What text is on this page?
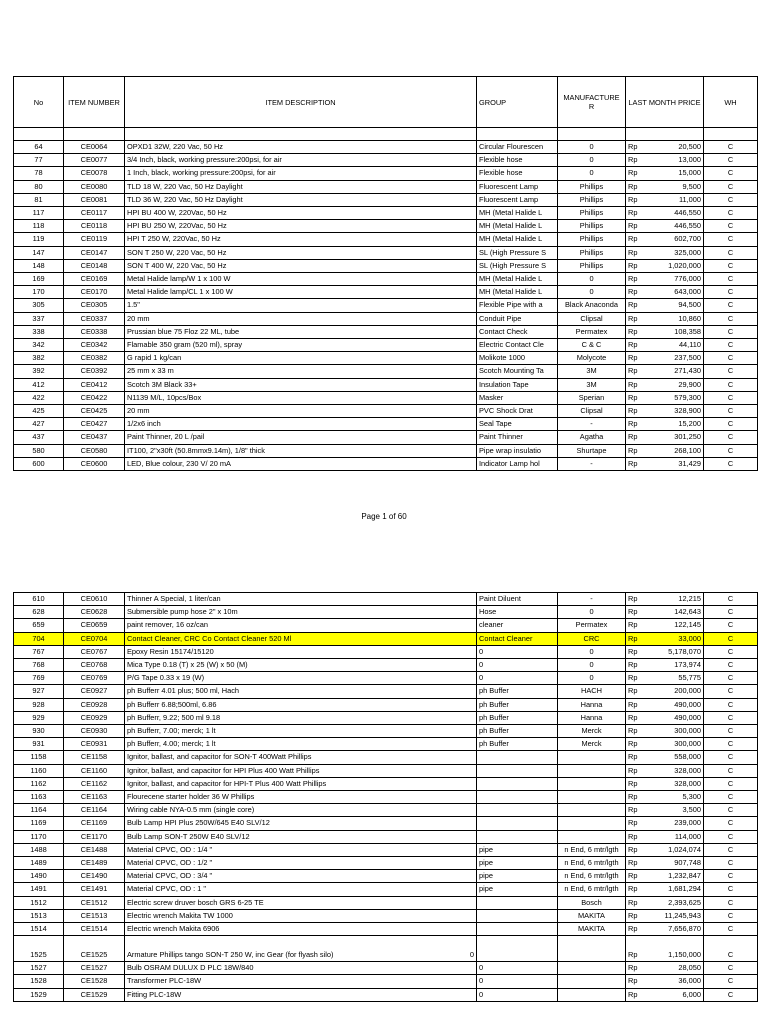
No	ITEM NUMBER	ITEM DESCRIPTION	GROUP	MANUFACTURE R	LAST MONTH PRICE	WH

64	CE0064	OPXD1 32W, 220 Vac, 50 Hz	Circular Flourescen	0	Rp 20,500	C
77	CE0077	3/4 Inch, black, working pressure:200psi, for air	Flexible hose	0	Rp 13,000	C
78	CE0078	1 Inch, black, working pressure:200psi, for air	Flexible hose	0	Rp 15,000	C
80	CE0080	TLD 18 W, 220 Vac, 50 Hz Daylight	Fluorescent Lamp	Phillips	Rp 9,500	C
81	CE0081	TLD 36 W, 220 Vac, 50 Hz Daylight	Fluorescent Lamp	Phillips	Rp 11,000	C
117	CE0117	HPI BU 400 W, 220Vac, 50 Hz	MH (Metal Halide L	Phillips	Rp 446,550	C
118	CE0118	HPI BU 250 W, 220Vac, 50 Hz	MH (Metal Halide L	Phillips	Rp 446,550	C
119	CE0119	HPI T 250 W, 220Vac, 50 Hz	MH (Metal Halide L	Phillips	Rp 602,700	C
147	CE0147	SON T 250 W, 220 Vac, 50 Hz	SL (High Pressure S	Phillips	Rp 325,000	C
148	CE0148	SON T 400 W, 220 Vac, 50 Hz	SL (High Pressure S	Phillips	Rp 1,020,000	C
169	CE0169	Metal Halide lamp/W 1 x 100 W	MH (Metal Halide L	0	Rp 776,000	C
170	CE0170	Metal Halide lamp/CL 1 x 100 W	MH (Metal Halide L	0	Rp 643,000	C
305	CE0305	1.5"	Flexible Pipe with a	Black Anaconda	Rp 94,500	C
337	CE0337	20 mm	Conduit Pipe	Clipsal	Rp 10,860	C
338	CE0338	Prussian blue 75 Floz 22 ML, tube	Contact Check	Permatex	Rp 108,358	C
342	CE0342	Flamable 350 gram (520 ml), spray	Electric Contact Cle	C & C	Rp 44,110	C
382	CE0382	G rapid 1 kg/can	Molikote 1000	Molycote	Rp 237,500	C
392	CE0392	25 mm x 33 m	Scotch Mounting Ta	3M	Rp 271,430	C
412	CE0412	Scotch 3M Black 33+	Insulation Tape	3M	Rp 29,900	C
422	CE0422	N1139 M/L, 10pcs/Box	Masker	Sperian	Rp 579,300	C
425	CE0425	20 mm	PVC Shock Drat	Clipsal	Rp 328,900	C
427	CE0427	1/2x6 inch	Seal Tape	-	Rp 15,200	C
437	CE0437	Paint Thinner, 20 L /pail	Paint Thinner	Agatha	Rp 301,250	C
580	CE0580	IT100, 2"x30ft (50.8mmx9.14m), 1/8" thick	Pipe wrap insulatio	Shurtape	Rp 268,100	C
600	CE0600	LED, Blue colour, 230 V/ 20 mA	Indicator Lamp hol	-	Rp 31,429	C
Page 1 of 60
610	CE0610	Thinner A Special, 1 liter/can	Paint Diluent	-	Rp 12,215	C
628	CE0628	Submersible pump hose 2" x 10m	Hose	0	Rp 142,643	C
659	CE0659	paint remover, 16 oz/can	cleaner	Permatex	Rp 122,145	C
704	CE0704	Contact Cleaner, CRC Co Contact Cleaner 520 Ml	Contact Cleaner	CRC	Rp 33,000	C
767	CE0767	Epoxy Resin 15174/15120	0	0	Rp 5,178,070	C
768	CE0768	Mica Type 0.18 (T) x 25 (W) x 50 (M)	0	0	Rp 173,974	C
769	CE0769	P/G Tape 0.33 x 19 (W)	0	0	Rp 55,775	C
927	CE0927	ph Bufferr 4.01 plus; 500 ml, Hach	ph Buffer	HACH	Rp 200,000	C
928	CE0928	ph Bufferr 6.88;500ml, 6.86	ph Buffer	Hanna	Rp 490,000	C
929	CE0929	ph Bufferr, 9.22; 500 ml 9.18	ph Buffer	Hanna	Rp 490,000	C
930	CE0930	ph Bufferr, 7.00; merck; 1 lt	ph Buffer	Merck	Rp 300,000	C
931	CE0931	ph Bufferr, 4.00; merck; 1 lt	ph Buffer	Merck	Rp 300,000	C
1158	CE1158	Ignitor, ballast, and capacitor for SON-T 400Watt Phillips			Rp 558,000	C
1160	CE1160	Ignitor, ballast, and capacitor for HPI Plus 400 Watt Phillips			Rp 328,000	C
1162	CE1162	Ignitor, ballast, and capacitor for HPI-T Plus 400 Watt Phillips			Rp 328,000	C
1163	CE1163	Flourecene starter holder 36 W Phillips			Rp 5,300	C
1164	CE1164	Wiring cable NYA-0.5 mm (single core)			Rp 3,500	C
1169	CE1169	Bulb Lamp HPI Plus 250W/645 E40 SLV/12			Rp 239,000	C
1170	CE1170	Bulb Lamp SON-T 250W E40 SLV/12			Rp 114,000	C
1488	CE1488	Material CPVC, OD : 1/4 "	pipe	n End, 6 mtr/lgth	Rp 1,024,074	C
1489	CE1489	Material CPVC, OD : 1/2 "	pipe	n End, 6 mtr/lgth	Rp 907,748	C
1490	CE1490	Material CPVC, OD : 3/4 "	pipe	n End, 6 mtr/lgth	Rp 1,232,847	C
1491	CE1491	Material CPVC, OD : 1 "	pipe	n End, 6 mtr/lgth	Rp 1,681,294	C
1512	CE1512	Electric screw druver bosch GRS 6-25 TE		Bosch	Rp 2,393,625	C
1513	CE1513	Electric wrench Makita TW 1000		MAKITA	Rp 11,245,943	C
1514	CE1514	Electric wrench Makita 6906		MAKITA	Rp 7,656,870	C
1525	CE1525	Armature Phillips tango SON-T 250 W, inc Gear (for flyash silo) 0			Rp 1,150,000	C
1527	CE1527	Bulb OSRAM DULUX D PLC 18W/840	0		Rp 28,050	C
1528	CE1528	Transformer PLC-18W	0		Rp 36,000	C
1529	CE1529	Fitting PLC-18W	0		Rp 6,000	C
